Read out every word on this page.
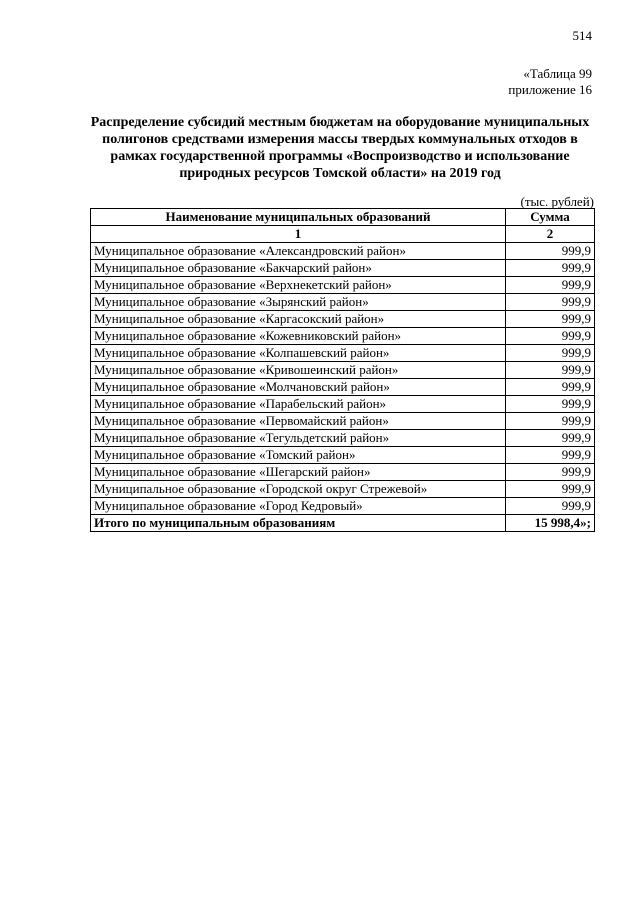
514
«Таблица 99
приложение 16
Распределение субсидий местным бюджетам на оборудование муниципальных
полигонов средствами измерения массы твердых коммунальных отходов в
рамках государственной программы «Воспроизводство и использование
природных ресурсов Томской области» на 2019 год
(тыс. рублей)
Наименование муниципальных образований	Сумма
1	2
Муниципальное образование «Александровский район»	999,9
Муниципальное образование «Бакчарский район»	999,9
Муниципальное образование «Верхнекетский район»	999,9
Муниципальное образование «Зырянский район»	999,9
Муниципальное образование «Каргасокский район»	999,9
Муниципальное образование «Кожевниковский район»	999,9
Муниципальное образование «Колпашевский район»	999,9
Муниципальное образование «Кривошеинский район»	999,9
Муниципальное образование «Молчановский район»	999,9
Муниципальное образование «Парабельский район»	999,9
Муниципальное образование «Первомайский район»	999,9
Муниципальное образование «Тегульдетский район»	999,9
Муниципальное образование «Томский район»	999,9
Муниципальное образование «Шегарский район»	999,9
Муниципальное образование «Городской округ Стрежевой»	999,9
Муниципальное образование «Город Кедровый»	999,9
Итого по муниципальным образованиям	15 998,4»;
